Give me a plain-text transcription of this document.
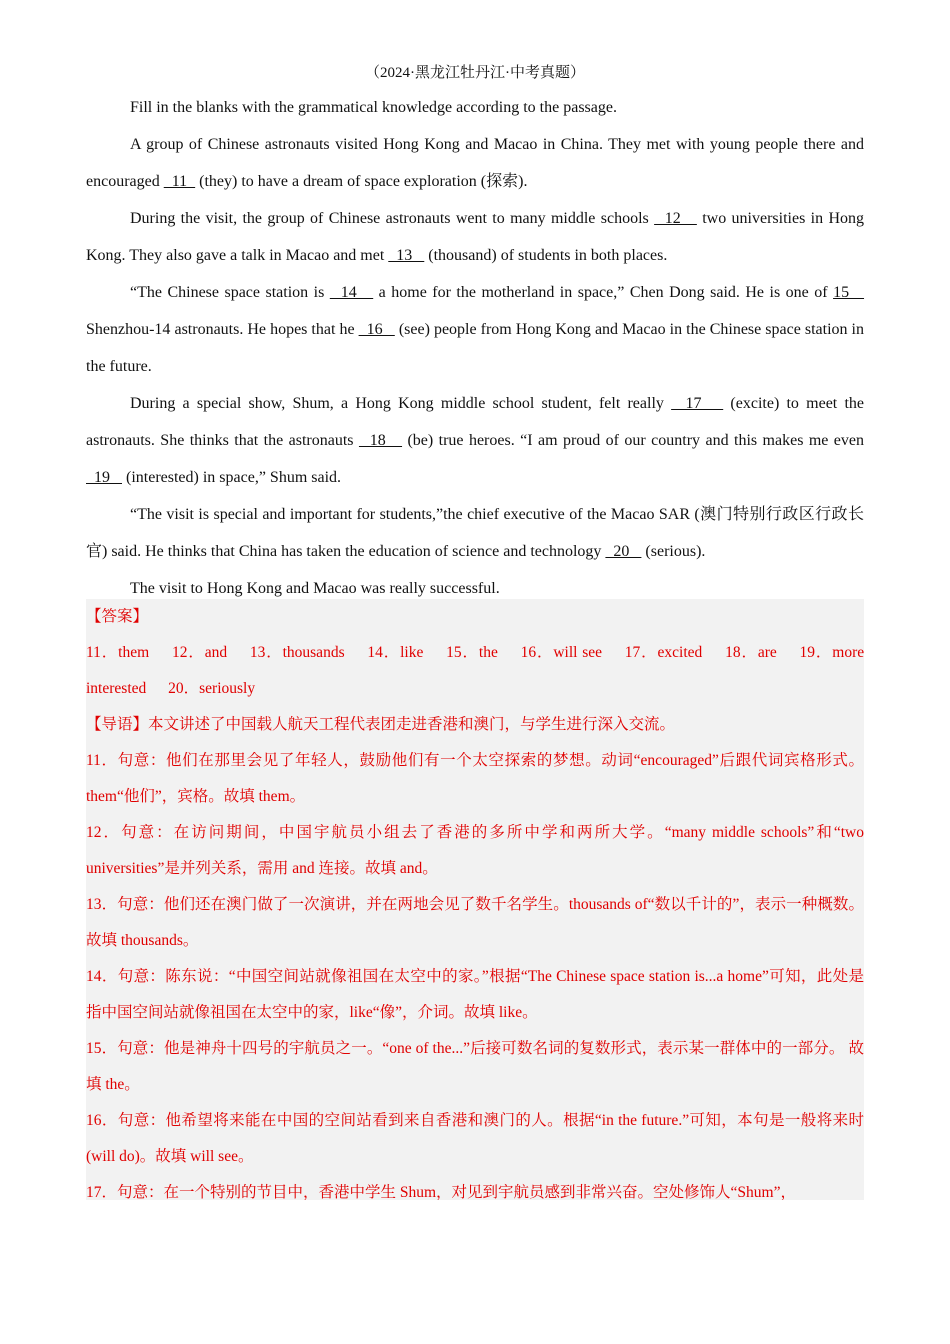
（2024·黑龙江牡丹江·中考真题）

Fill in the blanks with the grammatical knowledge according to the passage.

A group of Chinese astronauts visited Hong Kong and Macao in China. They met with young people there and encouraged   11   (they) to have a dream of space exploration (探索).

During the visit, the group of Chinese astronauts went to many middle schools   12    two universities in Hong Kong. They also gave a talk in Macao and met   13    (thousand) of students in both places.

“The Chinese space station is   14    a home for the motherland in space,” Chen Dong said. He is one of 15    Shenzhou-14 astronauts. He hopes that he   16    (see) people from Hong Kong and Macao in the Chinese space station in the future.

During a special show, Shum, a Hong Kong middle school student, felt really   17    (excite) to meet the astronauts. She thinks that the astronauts   18    (be) true heroes. “I am proud of our country and this makes me even   19    (interested) in space,” Shum said.

“The visit is special and important for students,”the chief executive of the Macao SAR (澳门特别行政区行政长官) said. He thinks that China has taken the education of science and technology   20    (serious).

The visit to Hong Kong and Macao was really successful.

【答案】

11．them 12．and 13．thousands 14．like 15．the 16．will see 17．excited 18．are 19．more interested 20．seriously

【导语】本文讲述了中国载人航天工程代表团走进香港和澳门，与学生进行深入交流。

11．句意：他们在那里会见了年轻人，鼓励他们有一个太空探索的梦想。动词“encouraged”后跟代词宾格形式。them“他们”，宾格。故填 them。

12．句意：在访问期间，中国宇航员小组去了香港的多所中学和两所大学。“many middle schools”和“two universities”是并列关系，需用 and 连接。故填 and。

13．句意：他们还在澳门做了一次演讲，并在两地会见了数千名学生。thousands of“数以千计的”，表示一种概数。故填 thousands。

14．句意：陈东说：“中国空间站就像祖国在太空中的家。”根据“The Chinese space station is...a home”可知，此处是指中国空间站就像祖国在太空中的家，like“像”，介词。故填 like。

15．句意：他是神舟十四号的宇航员之一。“one of the...”后接可数名词的复数形式，表示某一群体中的一部分。 故填 the。

16．句意：他希望将来能在中国的空间站看到来自香港和澳门的人。根据“in the future.”可知，本句是一般将来时(will do)。故填 will see。

17．句意：在一个特别的节目中，香港中学生 Shum，对见到宇航员感到非常兴奋。空处修饰人“Shum”，
